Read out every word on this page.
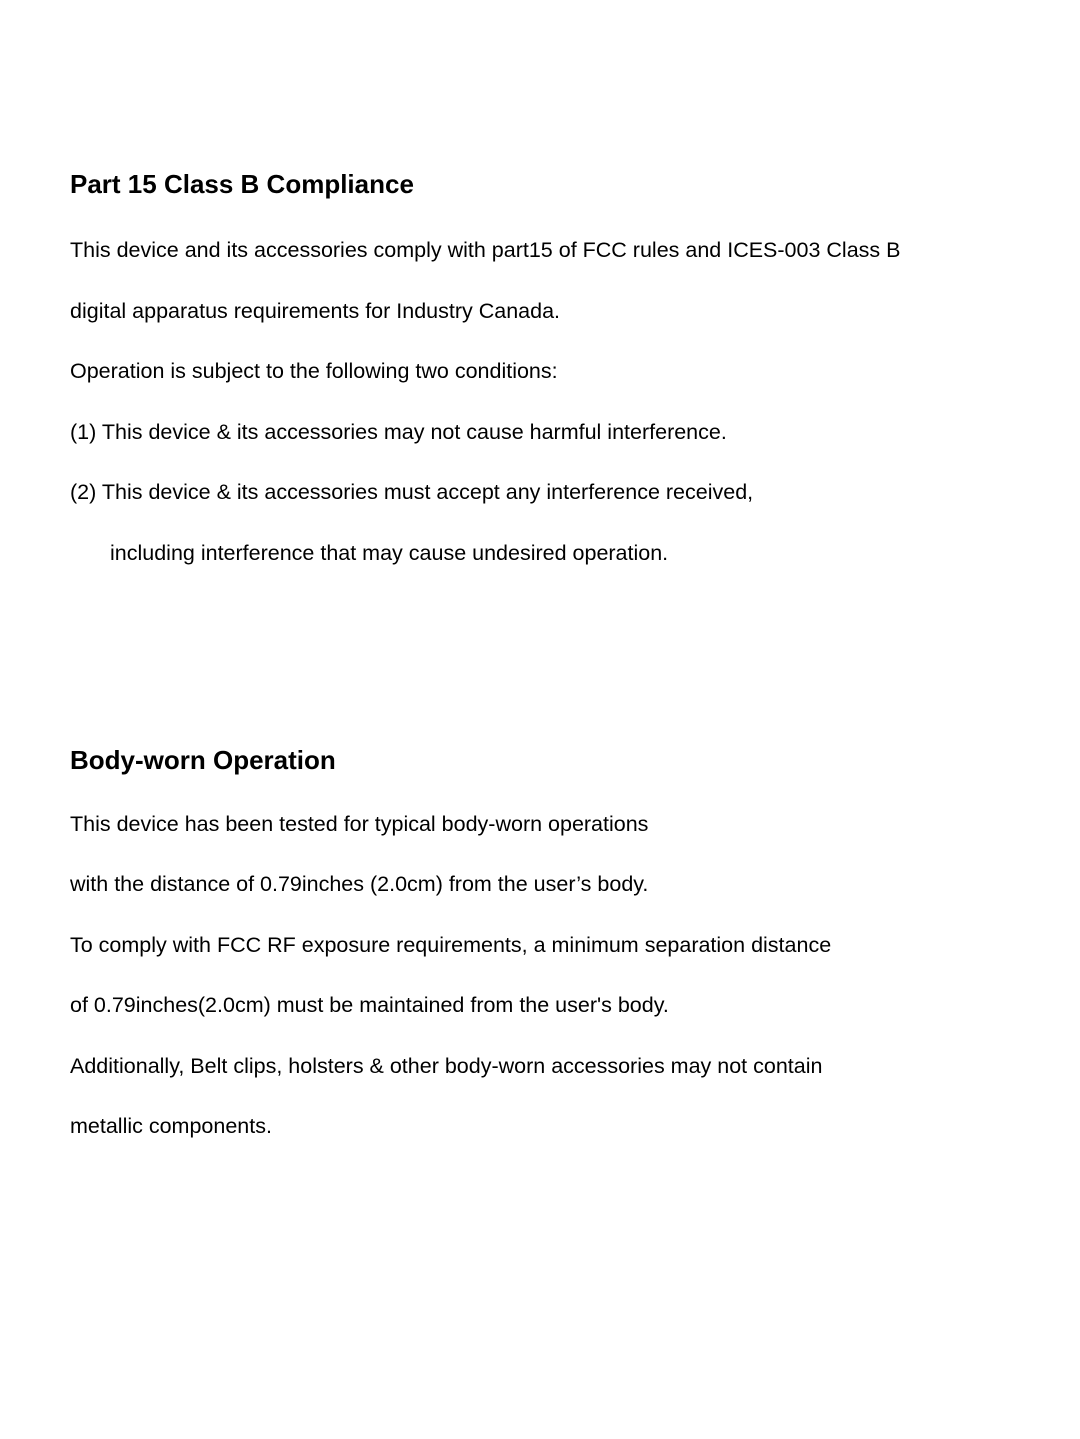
Part 15 Class B Compliance

This device and its accessories comply with part15 of FCC rules and ICES-003 Class B

digital apparatus requirements for Industry Canada.

Operation is subject to the following two conditions:

(1) This device & its accessories may not cause harmful interference.

(2) This device & its accessories must accept any interference received,

including interference that may cause undesired operation.

Body-worn Operation

This device has been tested for typical body-worn operations

with the distance of 0.79inches (2.0cm) from the user’s body.

To comply with FCC RF exposure requirements, a minimum separation distance

of 0.79inches(2.0cm) must be maintained from the user's body.

Additionally, Belt clips, holsters & other body-worn accessories may not contain

metallic components.
